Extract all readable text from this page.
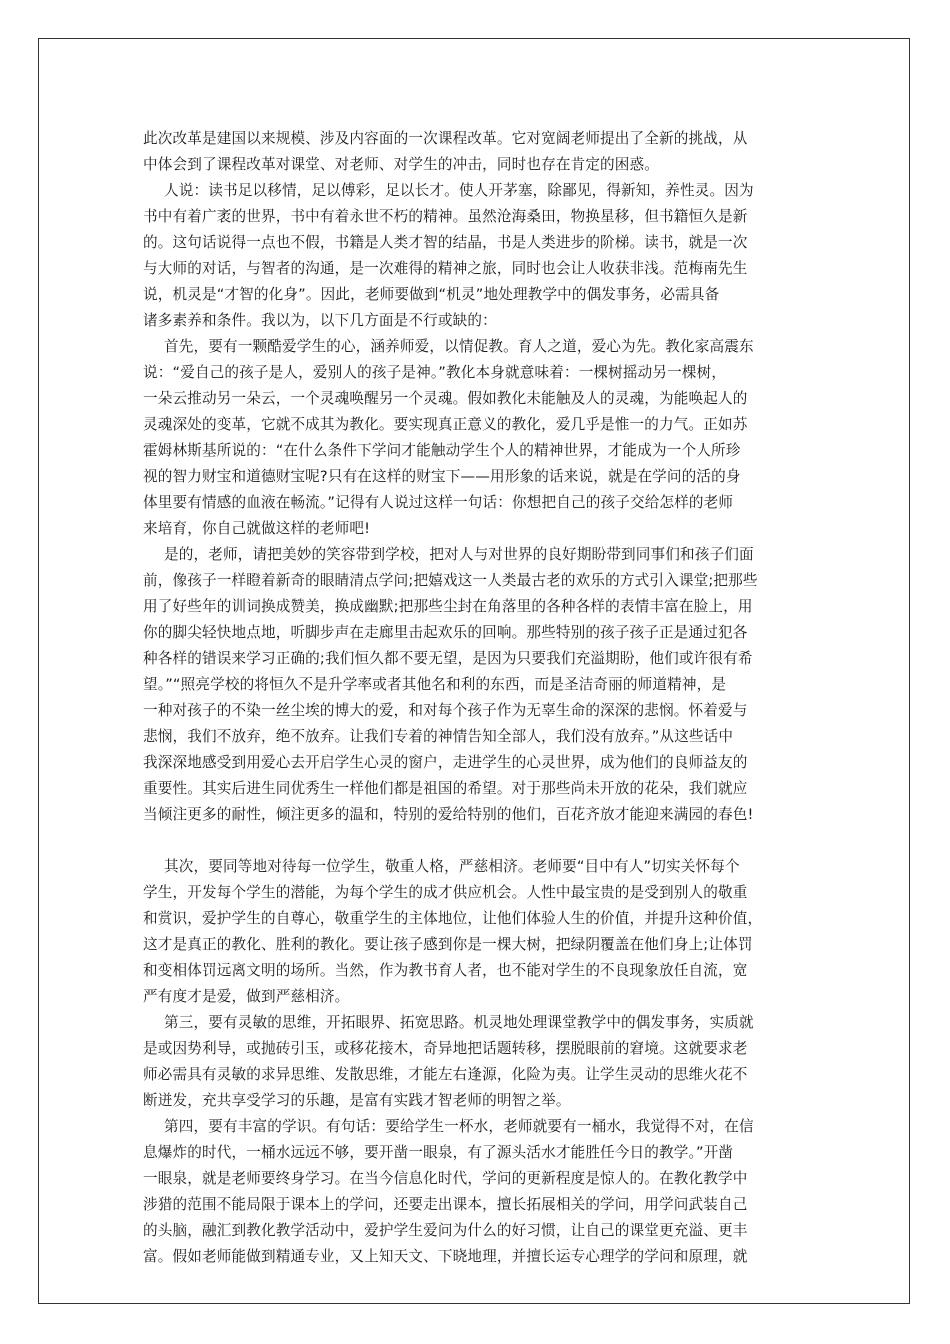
此次改革是建国以来规模、涉及内容面的一次课程改革。它对宽阔老师提出了全新的挑战，从
中体会到了课程改革对课堂、对老师、对学生的冲击，同时也存在肯定的困惑。
人说：读书足以移情，足以傅彩，足以长才。使人开茅塞，除鄙见，得新知，养性灵。因为
书中有着广袤的世界，书中有着永世不朽的精神。虽然沧海桑田，物换星移，但书籍恒久是新
的。这句话说得一点也不假，书籍是人类才智的结晶，书是人类进步的阶梯。读书，就是一次
与大师的对话，与智者的沟通，是一次难得的精神之旅，同时也会让人收获非浅。范梅南先生
说，机灵是“才智的化身”。因此，老师要做到“机灵”地处理教学中的偶发事务，必需具备
诸多素养和条件。我以为，以下几方面是不行或缺的：
首先，要有一颗酷爱学生的心，涵养师爱，以情促教。育人之道，爱心为先。教化家高震东
说：“爱自己的孩子是人，爱别人的孩子是神。”教化本身就意味着：一棵树摇动另一棵树，
一朵云推动另一朵云，一个灵魂唤醒另一个灵魂。假如教化未能触及人的灵魂，为能唤起人的
灵魂深处的变革，它就不成其为教化。要实现真正意义的教化，爱几乎是惟一的力气。正如苏
霍姆林斯基所说的：“在什么条件下学问才能触动学生个人的精神世界，才能成为一个人所珍
视的智力财宝和道德财宝呢?只有在这样的财宝下——用形象的话来说，就是在学问的活的身
体里要有情感的血液在畅流。”记得有人说过这样一句话：你想把自己的孩子交给怎样的老师
来培育，你自己就做这样的老师吧!
是的，老师，请把美妙的笑容带到学校，把对人与对世界的良好期盼带到同事们和孩子们面
前，像孩子一样瞪着新奇的眼睛清点学问;把嬉戏这一人类最古老的欢乐的方式引入课堂;把那些
用了好些年的训词换成赞美，换成幽默;把那些尘封在角落里的各种各样的表情丰富在脸上，用
你的脚尖轻快地点地，听脚步声在走廊里击起欢乐的回响。那些特别的孩子孩子正是通过犯各
种各样的错误来学习正确的;我们恒久都不要无望，是因为只要我们充溢期盼，他们或许很有希
望。”“照亮学校的将恒久不是升学率或者其他名和利的东西，而是圣洁奇丽的师道精神，是
一种对孩子的不染一丝尘埃的博大的爱，和对每个孩子作为无辜生命的深深的悲悯。怀着爱与
悲悯，我们不放弃，绝不放弃。让我们专着的神情告知全部人，我们没有放弃。”从这些话中
我深深地感受到用爱心去开启学生心灵的窗户，走进学生的心灵世界，成为他们的良师益友的
重要性。其实后进生同优秀生一样他们都是祖国的希望。对于那些尚未开放的花朵，我们就应
当倾注更多的耐性，倾注更多的温和，特别的爱给特别的他们，百花齐放才能迎来满园的春色!
其次，要同等地对待每一位学生，敬重人格，严慈相济。老师要“目中有人”切实关怀每个
学生，开发每个学生的潜能，为每个学生的成才供应机会。人性中最宝贵的是受到别人的敬重
和赏识，爱护学生的自尊心，敬重学生的主体地位，让他们体验人生的价值，并提升这种价值，
这才是真正的教化、胜利的教化。要让孩子感到你是一棵大树，把绿阴覆盖在他们身上;让体罚
和变相体罚远离文明的场所。当然，作为教书育人者，也不能对学生的不良现象放任自流，宽
严有度才是爱，做到严慈相济。
第三，要有灵敏的思维，开拓眼界、拓宽思路。机灵地处理课堂教学中的偶发事务，实质就
是或因势利导，或抛砖引玉，或移花接木，奇异地把话题转移，摆脱眼前的窘境。这就要求老
师必需具有灵敏的求异思维、发散思维，才能左右逢源，化险为夷。让学生灵动的思维火花不
断迸发，充共享受学习的乐趣，是富有实践才智老师的明智之举。
第四，要有丰富的学识。有句话：要给学生一杯水，老师就要有一桶水，我觉得不对，在信
息爆炸的时代，一桶水远远不够，要开凿一眼泉，有了源头活水才能胜任今日的教学。”开凿
一眼泉，就是老师要终身学习。在当今信息化时代，学问的更新程度是惊人的。在教化教学中
涉猎的范围不能局限于课本上的学问，还要走出课本，擅长拓展相关的学问，用学问武装自己
的头脑，融汇到教化教学活动中，爱护学生爱问为什么的好习惯，让自己的课堂更充溢、更丰
富。假如老师能做到精通专业，又上知天文、下晓地理，并擅长运专心理学的学问和原理，就
